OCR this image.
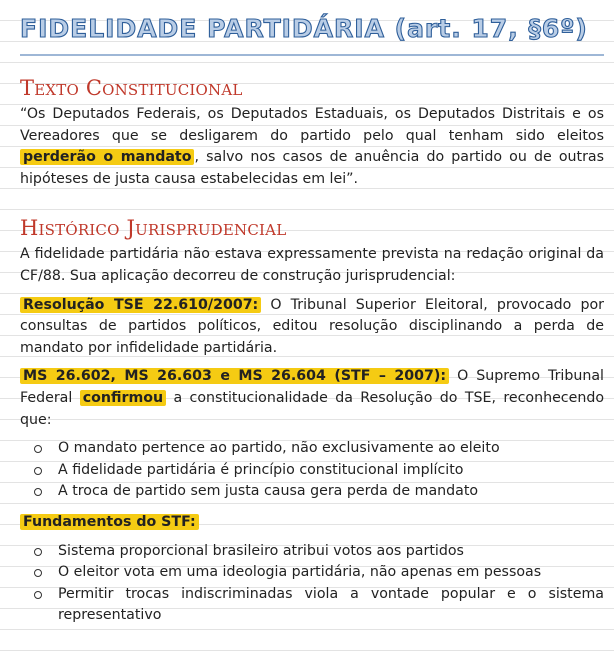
FIDELIDADE PARTIDÁRIA (art. 17, §6º)
Texto Constitucional

“Os Deputados Federais, os Deputados Estaduais, os Deputados Distritais e os Vereadores que se desligarem do partido pelo qual tenham sido eleitos perderão o mandato , salvo nos casos de anuência do partido ou de outras hipóteses de justa causa estabelecidas em lei”.

Histórico Jurisprudencial

A fidelidade partidária não estava expressamente prevista na redação original da CF/88. Sua aplicação decorreu de construção jurisprudencial:

Resolução TSE 22.610/2007: O Tribunal Superior Eleitoral, provocado por consultas de partidos políticos, editou resolução disciplinando a perda de mandato por infidelidade partidária.

MS 26.602, MS 26.603 e MS 26.604 (STF – 2007): O Supremo Tribunal Federal confirmou a constitucionalidade da Resolução do TSE, reconhecendo que:

O mandato pertence ao partido, não exclusivamente ao eleito
A fidelidade partidária é princípio constitucional implícito
A troca de partido sem justa causa gera perda de mandato
Fundamentos do STF:
Sistema proporcional brasileiro atribui votos aos partidos
O eleitor vota em uma ideologia partidária, não apenas em pessoas
Permitir trocas indiscriminadas viola a vontade popular e o sistema representativo
